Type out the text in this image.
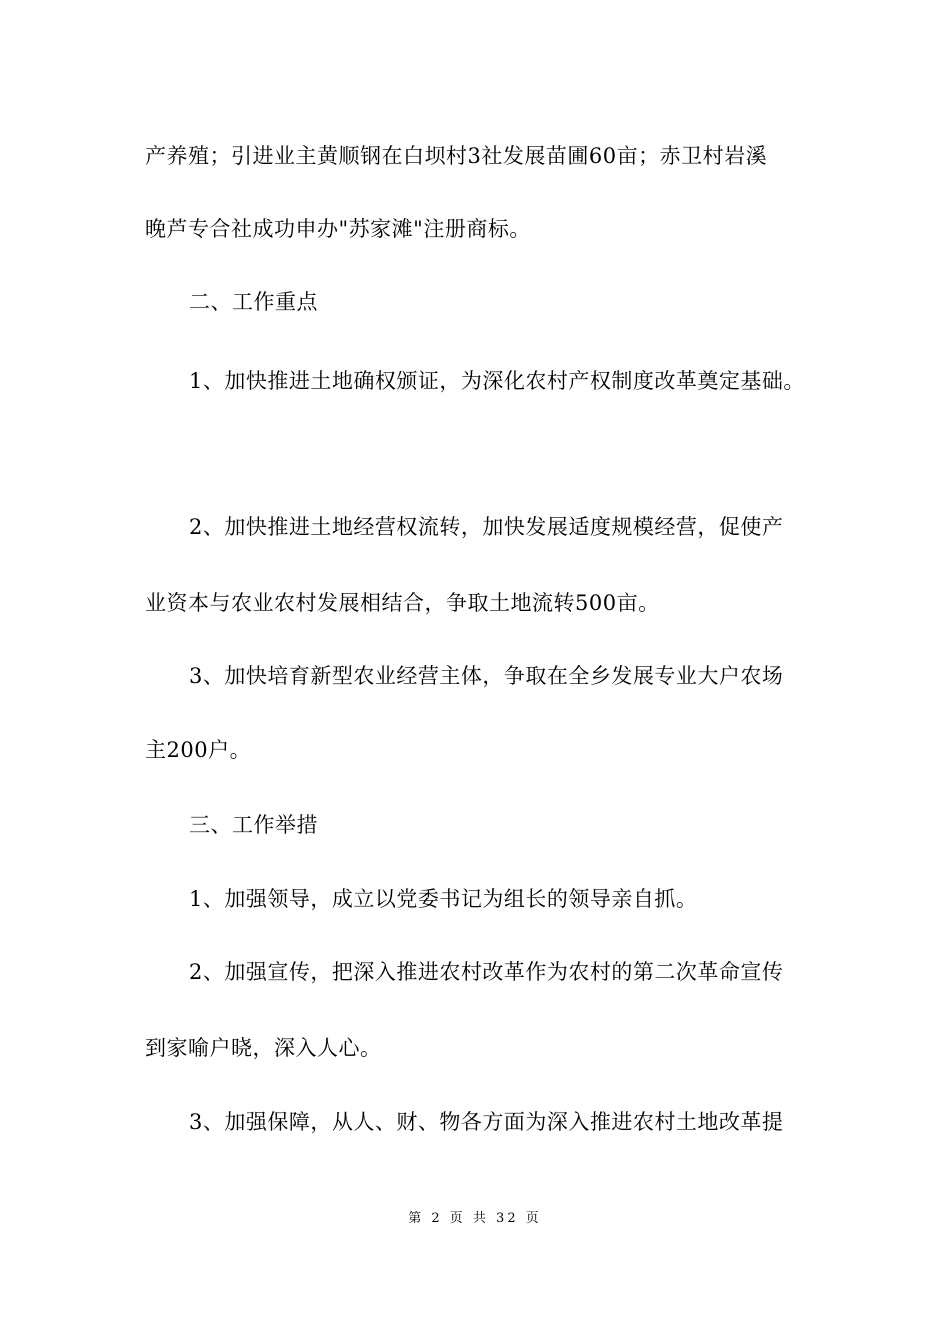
产养殖；引进业主黄顺钢在白坝村3社发展苗圃60亩；赤卫村岩溪
晚芦专合社成功申办"苏家滩"注册商标。
二、工作重点
1、加快推进土地确权颁证，为深化农村产权制度改革奠定基础。
2、加快推进土地经营权流转，加快发展适度规模经营，促使产
业资本与农业农村发展相结合，争取土地流转500亩。
3、加快培育新型农业经营主体，争取在全乡发展专业大户农场
主200户。
三、工作举措
1、加强领导，成立以党委书记为组长的领导亲自抓。
2、加强宣传，把深入推进农村改革作为农村的第二次革命宣传
到家喻户晓，深入人心。
3、加强保障，从人、财、物各方面为深入推进农村土地改革提
第 2 页 共 32 页
